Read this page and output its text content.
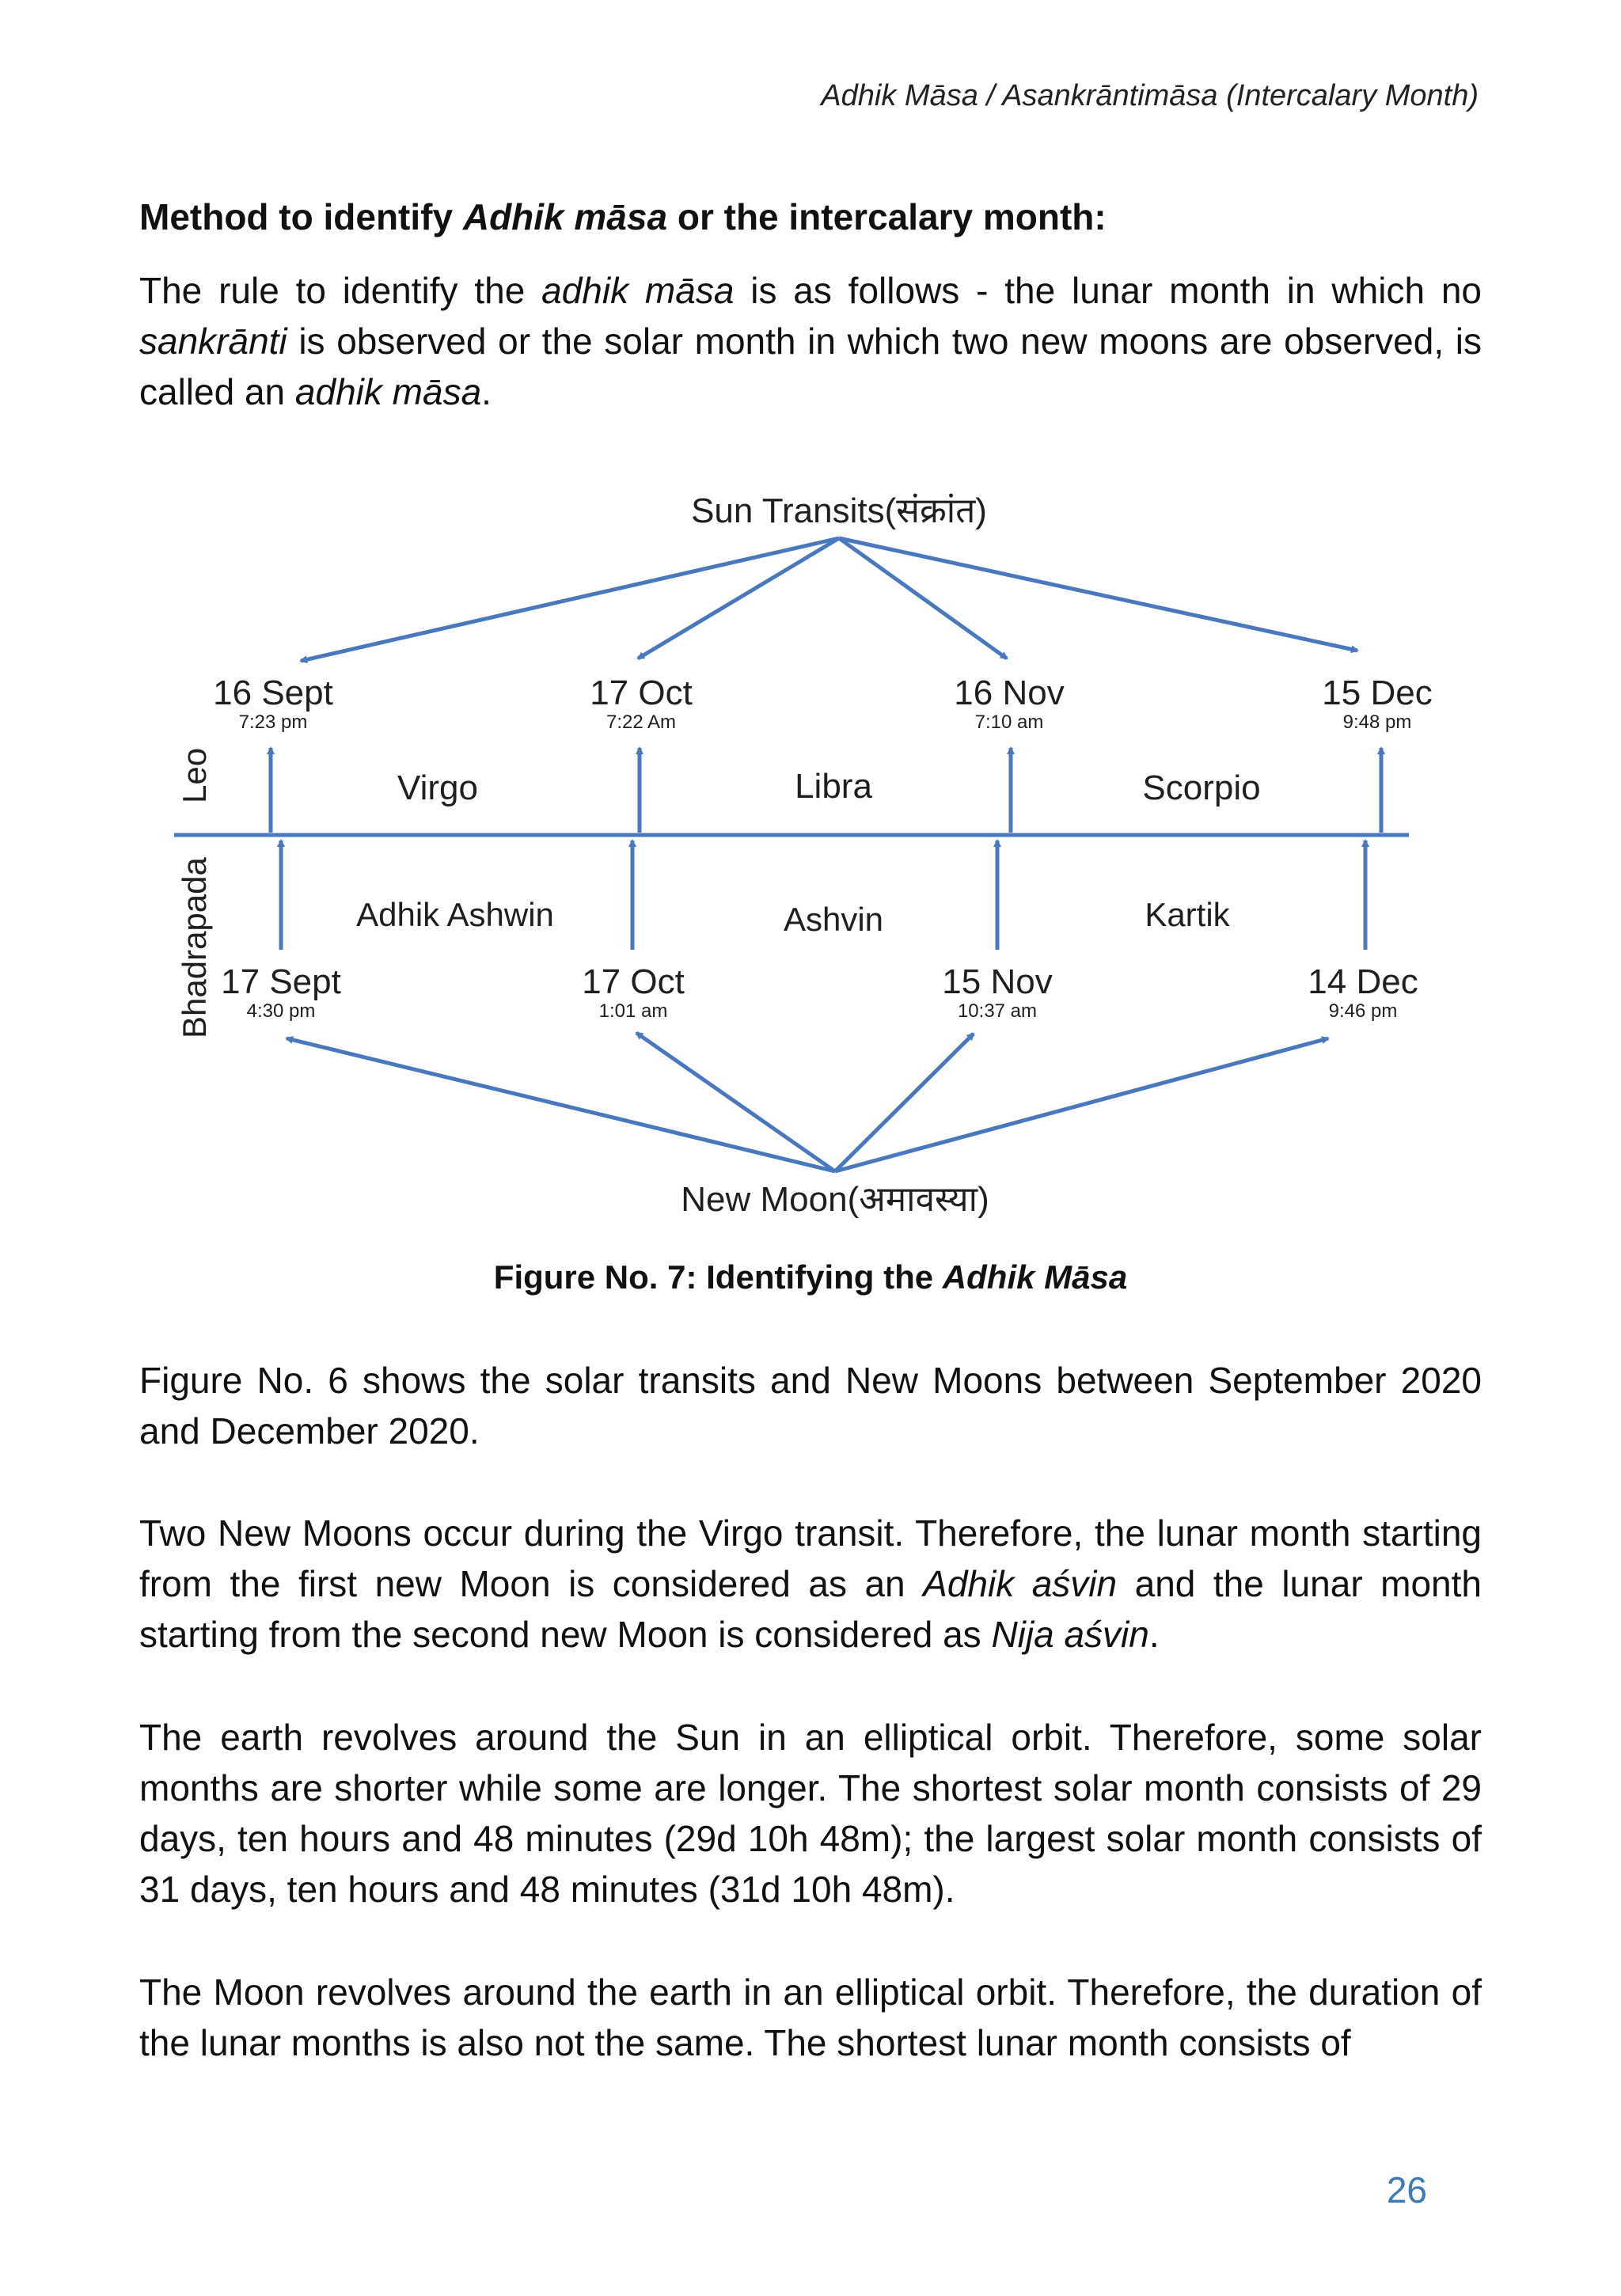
Adhik Māsa / Asankrāntimāsa (Intercalary Month)
Method to identify Adhik māsa or the intercalary month:
The rule to identify the adhik māsa is as follows - the lunar month in which no sankrānti is observed or the solar month in which two new moons are observed, is called an adhik māsa.
Sun Transits(संक्रांत)
New Moon(अमावस्या)
Leo
Bhadrapada
16 Sept
7:23 pm
17 Oct
7:22 Am
16 Nov
7:10 am
15 Dec
9:48 pm
Virgo	Libra	Scorpio
Adhik Ashwin	Ashvin	Kartik
17 Sept
4:30 pm
17 Oct
1:01 am
15 Nov
10:37 am
14 Dec
9:46 pm
Figure No. 7: Identifying the Adhik Māsa
Figure No. 6 shows the solar transits and New Moons between September 2020 and December 2020.
Two New Moons occur during the Virgo transit. Therefore, the lunar month starting from the first new Moon is considered as an Adhik aśvin and the lunar month starting from the second new Moon is considered as Nija aśvin.
The earth revolves around the Sun in an elliptical orbit. Therefore, some solar months are shorter while some are longer. The shortest solar month consists of 29 days, ten hours and 48 minutes (29d 10h 48m); the largest solar month consists of 31 days, ten hours and 48 minutes (31d 10h 48m).
The Moon revolves around the earth in an elliptical orbit. Therefore, the duration of the lunar months is also not the same. The shortest lunar month consists of
26
